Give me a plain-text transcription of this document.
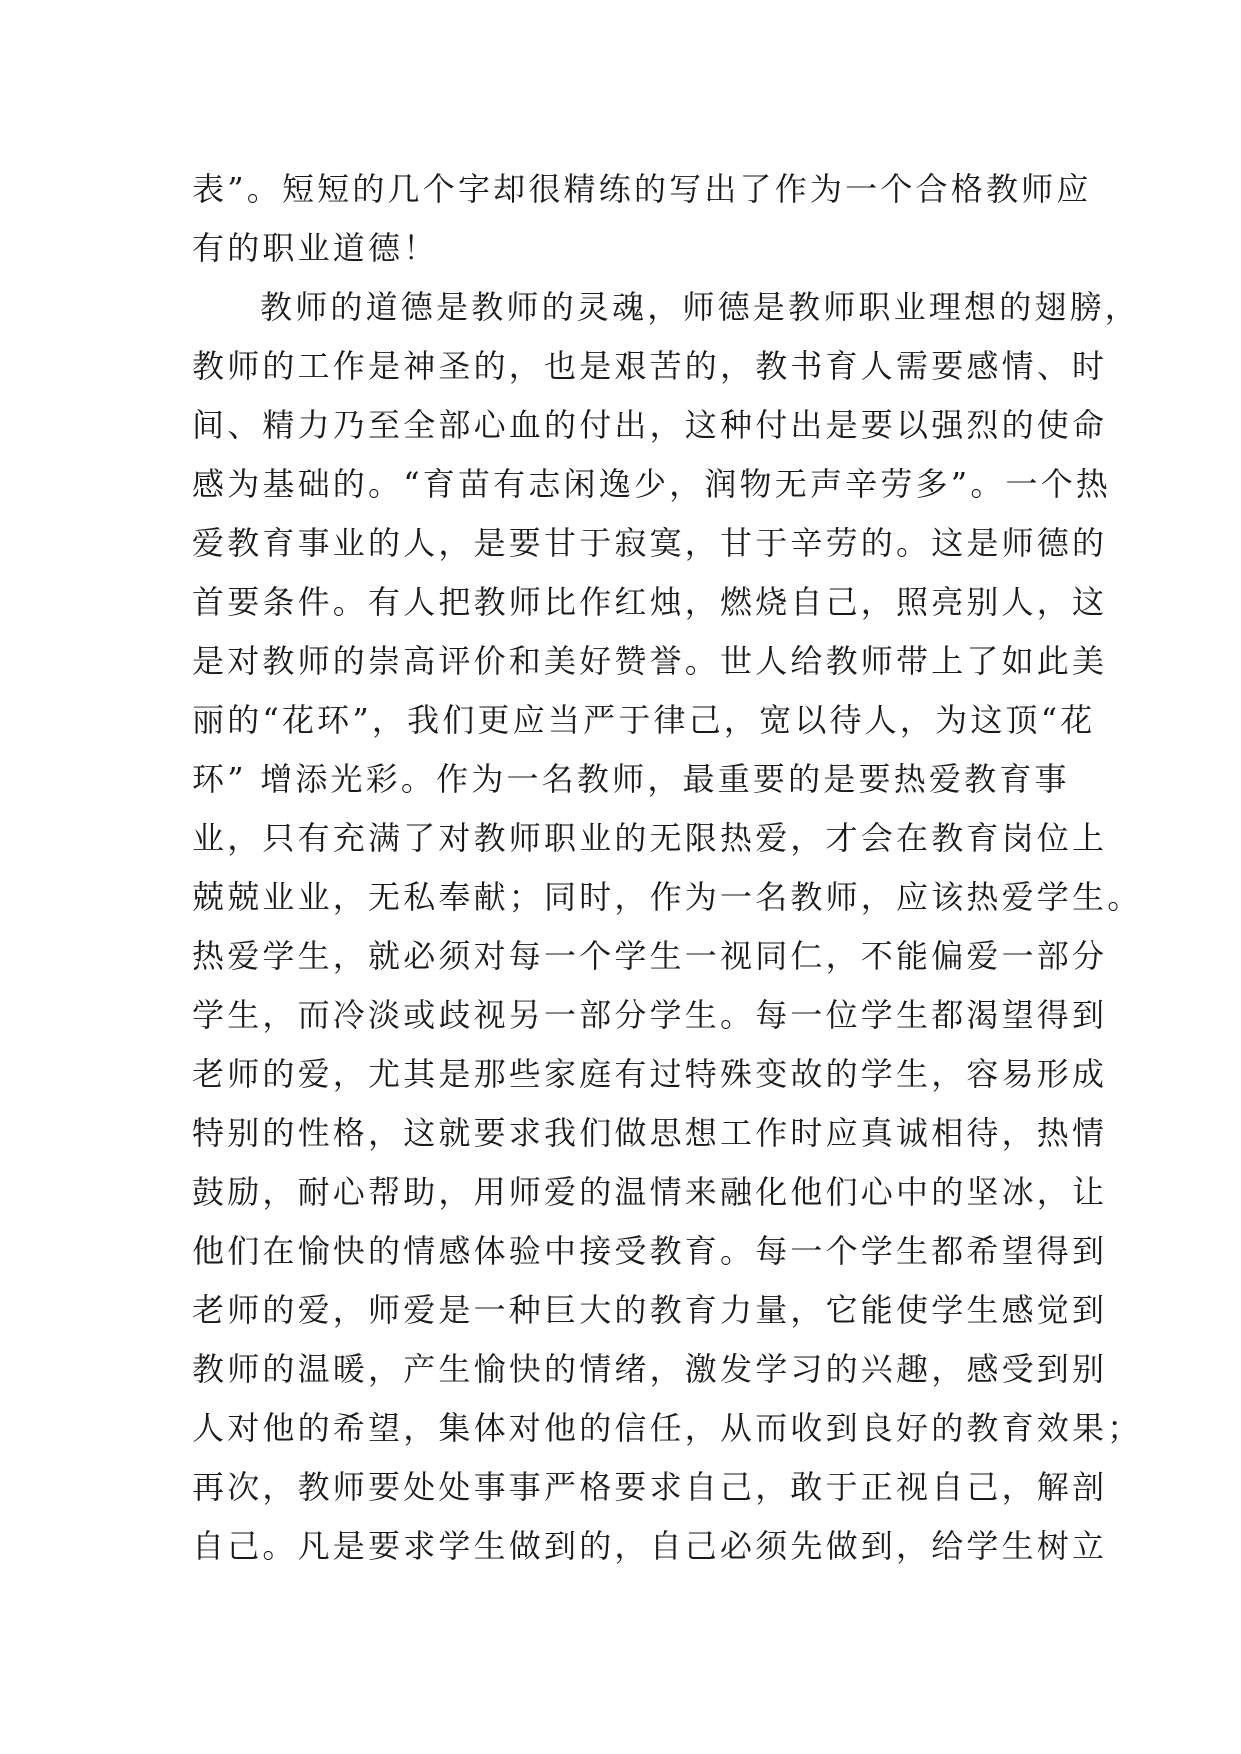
表”。短短的几个字却很精练的写出了作为一个合格教师应
有的职业道德！
教师的道德是教师的灵魂，师德是教师职业理想的翅膀，
教师的工作是神圣的，也是艰苦的，教书育人需要感情、时
间、精力乃至全部心血的付出，这种付出是要以强烈的使命
感为基础的。“育苗有志闲逸少，润物无声辛劳多”。一个热
爱教育事业的人，是要甘于寂寞，甘于辛劳的。这是师德的
首要条件。有人把教师比作红烛，燃烧自己，照亮别人，这
是对教师的崇高评价和美好赞誉。世人给教师带上了如此美
丽的“花环”，我们更应当严于律己，宽以待人，为这顶“花
环” 增添光彩。作为一名教师，最重要的是要热爱教育事
业，只有充满了对教师职业的无限热爱，才会在教育岗位上
兢兢业业，无私奉献；同时，作为一名教师，应该热爱学生。
热爱学生，就必须对每一个学生一视同仁，不能偏爱一部分
学生，而冷淡或歧视另一部分学生。每一位学生都渴望得到
老师的爱，尤其是那些家庭有过特殊变故的学生，容易形成
特别的性格，这就要求我们做思想工作时应真诚相待，热情
鼓励，耐心帮助，用师爱的温情来融化他们心中的坚冰，让
他们在愉快的情感体验中接受教育。每一个学生都希望得到
老师的爱，师爱是一种巨大的教育力量，它能使学生感觉到
教师的温暖，产生愉快的情绪，激发学习的兴趣，感受到别
人对他的希望，集体对他的信任，从而收到良好的教育效果；
再次，教师要处处事事严格要求自己，敢于正视自己，解剖
自己。凡是要求学生做到的，自己必须先做到，给学生树立
